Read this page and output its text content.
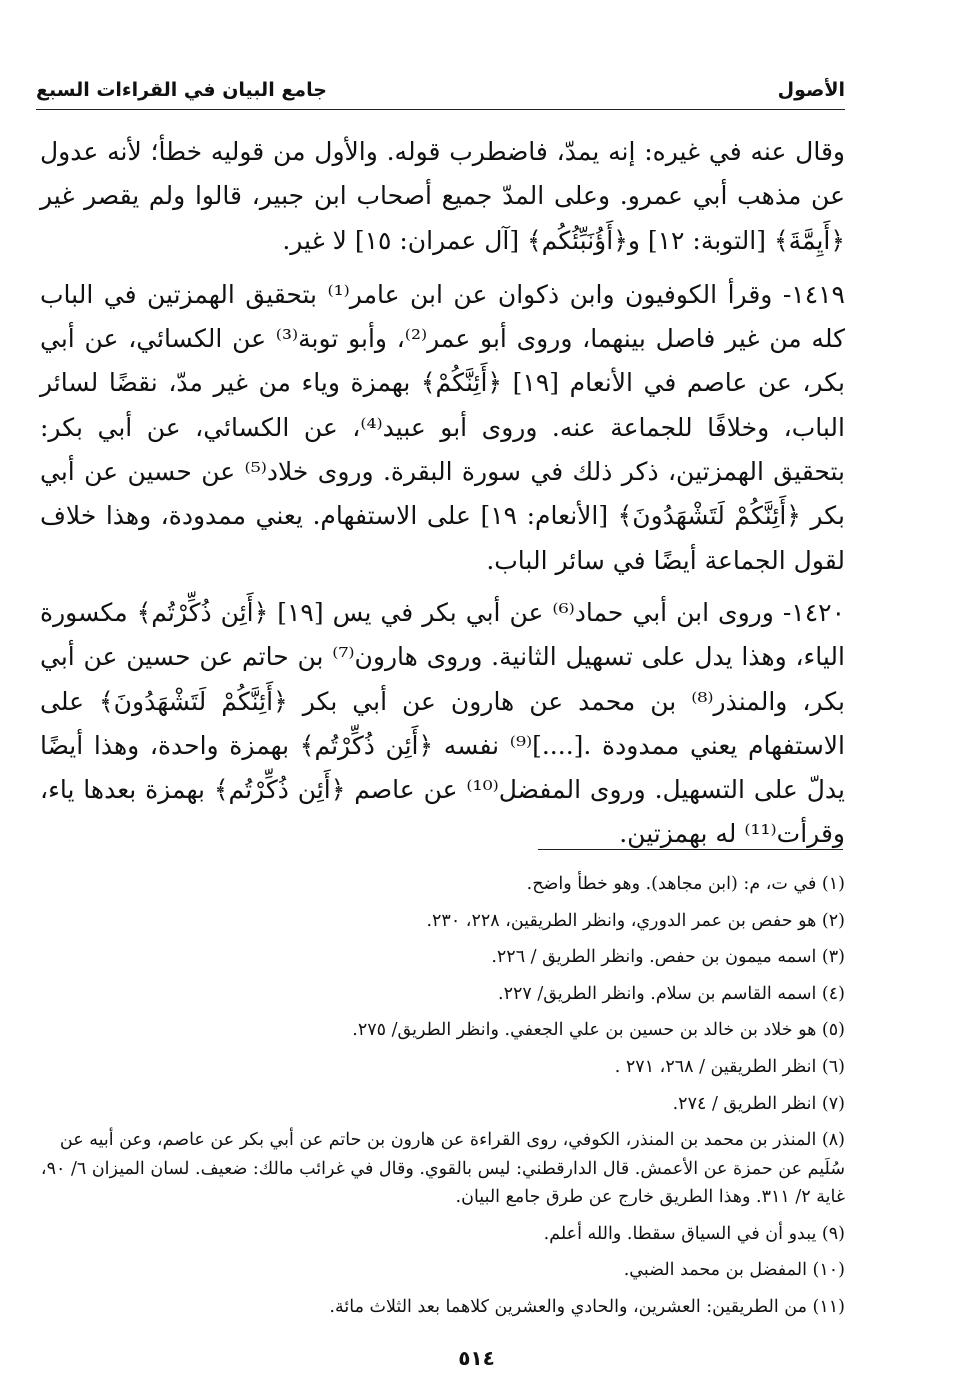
الأصول
جامع البيان في القراءات السبع

وقال عنه في غيره: إنه يمدّ، فاضطرب قوله. والأول من قوليه خطأ؛ لأنه عدول عن مذهب أبي عمرو. وعلى المدّ جميع أصحاب ابن جبير، قالوا ولم يقصر غير ﴿أَيِمَّةَ﴾ [التوبة: ١٢] و﴿أَؤُنَبِّئُكُم﴾ [آل عمران: ١٥] لا غير.

١٤١٩- وقرأ الكوفيون وابن ذكوان عن ابن عامر⁽¹⁾ بتحقيق الهمزتين في الباب كله من غير فاصل بينهما، وروى أبو عمر⁽²⁾، وأبو توبة⁽³⁾ عن الكسائي، عن أبي بكر، عن عاصم في الأنعام [١٩] ﴿أَئِنَّكُمْ﴾ بهمزة وياء من غير مدّ، نقضًا لسائر الباب، وخلافًا للجماعة عنه. وروى أبو عبيد⁽⁴⁾، عن الكسائي، عن أبي بكر: بتحقيق الهمزتين، ذكر ذلك في سورة البقرة. وروى خلاد⁽⁵⁾ عن حسين عن أبي بكر ﴿أَئِنَّكُمْ لَتَشْهَدُونَ﴾ [الأنعام: ١٩] على الاستفهام. يعني ممدودة، وهذا خلاف لقول الجماعة أيضًا في سائر الباب.

١٤٢٠- وروى ابن أبي حماد⁽⁶⁾ عن أبي بكر في يس [١٩] ﴿أَئِن ذُكِّرْتُم﴾ مكسورة الياء، وهذا يدل على تسهيل الثانية. وروى هارون⁽⁷⁾ بن حاتم عن حسين عن أبي بكر، والمنذر⁽⁸⁾ بن محمد عن هارون عن أبي بكر ﴿أَئِنَّكُمْ لَتَشْهَدُونَ﴾ على الاستفهام يعني ممدودة .[....]⁽⁹⁾ نفسه ﴿أَئِن ذُكِّرْتُم﴾ بهمزة واحدة، وهذا أيضًا يدلّ على التسهيل. وروى المفضل⁽¹⁰⁾ عن عاصم ﴿أَئِن ذُكِّرْتُم﴾ بهمزة بعدها ياء، وقرأت⁽¹¹⁾ له بهمزتين.

(١) في ت، م: (ابن مجاهد). وهو خطأ واضح.

(٢) هو حفص بن عمر الدوري، وانظر الطريقين، ٢٢٨، ٢٣٠.

(٣) اسمه ميمون بن حفص. وانظر الطريق / ٢٢٦.

(٤) اسمه القاسم بن سلام. وانظر الطريق/ ٢٢٧.

(٥) هو خلاد بن خالد بن حسين بن علي الجعفي. وانظر الطريق/ ٢٧٥.

(٦) انظر الطريقين / ٢٦٨، ٢٧١ .

(٧) انظر الطريق / ٢٧٤.

(٨) المنذر بن محمد بن المنذر، الكوفي، روى القراءة عن هارون بن حاتم عن أبي بكر عن عاصم، وعن أبيه عن سُلَيم عن حمزة عن الأعمش. قال الدارقطني: ليس بالقوي. وقال في غرائب مالك: ضعيف. لسان الميزان ٦/ ٩٠، غاية ٢/ ٣١١. وهذا الطريق خارج عن طرق جامع البيان.

(٩) يبدو أن في السياق سقطا. والله أعلم.

(١٠) المفضل بن محمد الضبي.

(١١) من الطريقين: العشرين، والحادي والعشرين كلاهما بعد الثلاث مائة.

٥١٤
